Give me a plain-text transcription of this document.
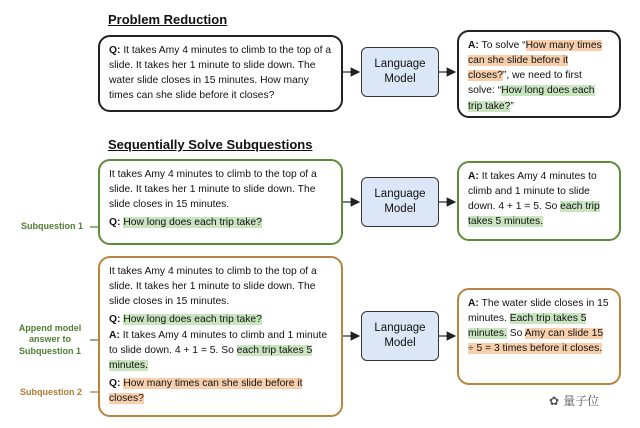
Problem Reduction
Q: It takes Amy 4 minutes to climb to the top of a slide. It takes her 1 minute to slide down. The water slide closes in 15 minutes. How many times can she slide before it closes?
Language
Model
A: To solve “How many times can she slide before it closes?”, we need to first solve: “How long does each trip take?”
Sequentially Solve Subquestions
Subquestion 1
It takes Amy 4 minutes to climb to the top of a slide. It takes her 1 minute to slide down. The slide closes in 15 minutes.
Q: How long does each trip take?
Language
Model
A: It takes Amy 4 minutes to climb and 1 minute to slide down. 4 + 1 = 5. So each trip takes 5 minutes.
Append model answer to Subquestion 1
Subquestion 2
It takes Amy 4 minutes to climb to the top of a slide. It takes her 1 minute to slide down. The slide closes in 15 minutes.
Q: How long does each trip take?
A: It takes Amy 4 minutes to climb and 1 minute to slide down. 4 + 1 = 5. So each trip takes 5 minutes.
Q: How many times can she slide before it closes?
Language
Model
A: The water slide closes in 15 minutes. Each trip takes 5 minutes. So Amy can slide 15 ÷ 5 = 3 times before it closes.
✿ 量子位
